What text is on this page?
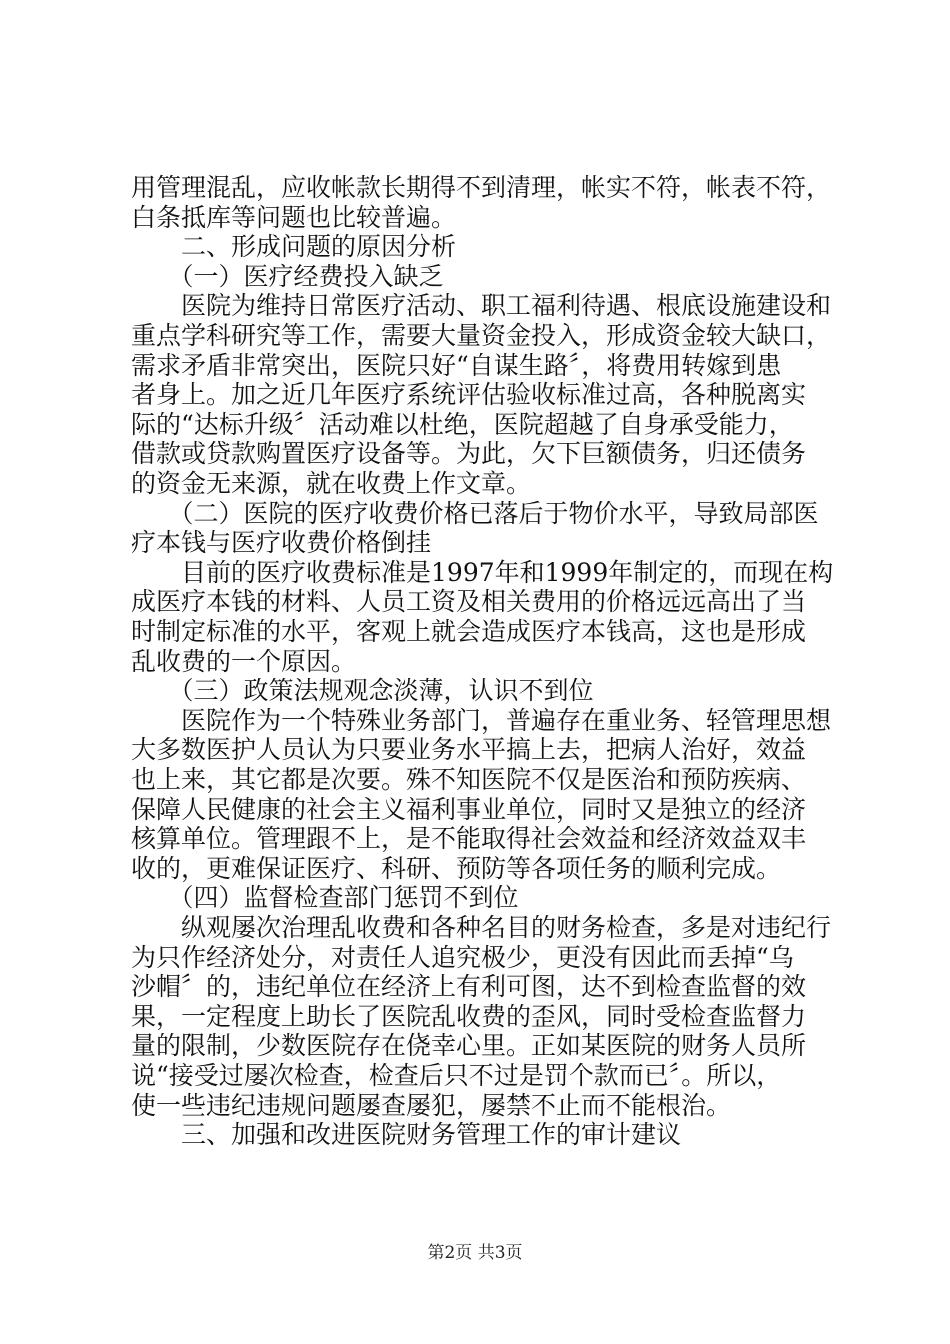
用管理混乱，应收帐款长期得不到清理，帐实不符，帐表不符，
白条抵库等问题也比较普遍。
　　二、形成问题的原因分析
　　（一）医疗经费投入缺乏
　　医院为维持日常医疗活动、职工福利待遇、根底设施建设和
重点学科研究等工作，需要大量资金投入，形成资金较大缺口，
需求矛盾非常突出，医院只好“自谋生路〞，将费用转嫁到患
者身上。加之近几年医疗系统评估验收标准过高，各种脱离实
际的“达标升级〞活动难以杜绝，医院超越了自身承受能力，
借款或贷款购置医疗设备等。为此，欠下巨额债务，归还债务
的资金无来源，就在收费上作文章。
　　（二）医院的医疗收费价格已落后于物价水平，导致局部医
疗本钱与医疗收费价格倒挂
　　目前的医疗收费标准是1997年和1999年制定的，而现在构
成医疗本钱的材料、人员工资及相关费用的价格远远高出了当
时制定标准的水平，客观上就会造成医疗本钱高，这也是形成
乱收费的一个原因。
　　（三）政策法规观念淡薄，认识不到位
　　医院作为一个特殊业务部门，普遍存在重业务、轻管理思想
大多数医护人员认为只要业务水平搞上去，把病人治好，效益
也上来，其它都是次要。殊不知医院不仅是医治和预防疾病、
保障人民健康的社会主义福利事业单位，同时又是独立的经济
核算单位。管理跟不上，是不能取得社会效益和经济效益双丰
收的，更难保证医疗、科研、预防等各项任务的顺利完成。
　　（四）监督检查部门惩罚不到位
　　纵观屡次治理乱收费和各种名目的财务检查，多是对违纪行
为只作经济处分，对责任人追究极少，更没有因此而丢掉“乌
沙帽〞的，违纪单位在经济上有利可图，达不到检查监督的效
果，一定程度上助长了医院乱收费的歪风，同时受检查监督力
量的限制，少数医院存在侥幸心里。正如某医院的财务人员所
说“接受过屡次检查，检查后只不过是罚个款而已〞。所以，
使一些违纪违规问题屡查屡犯，屡禁不止而不能根治。
　　三、加强和改进医院财务管理工作的审计建议
第2页 共3页
